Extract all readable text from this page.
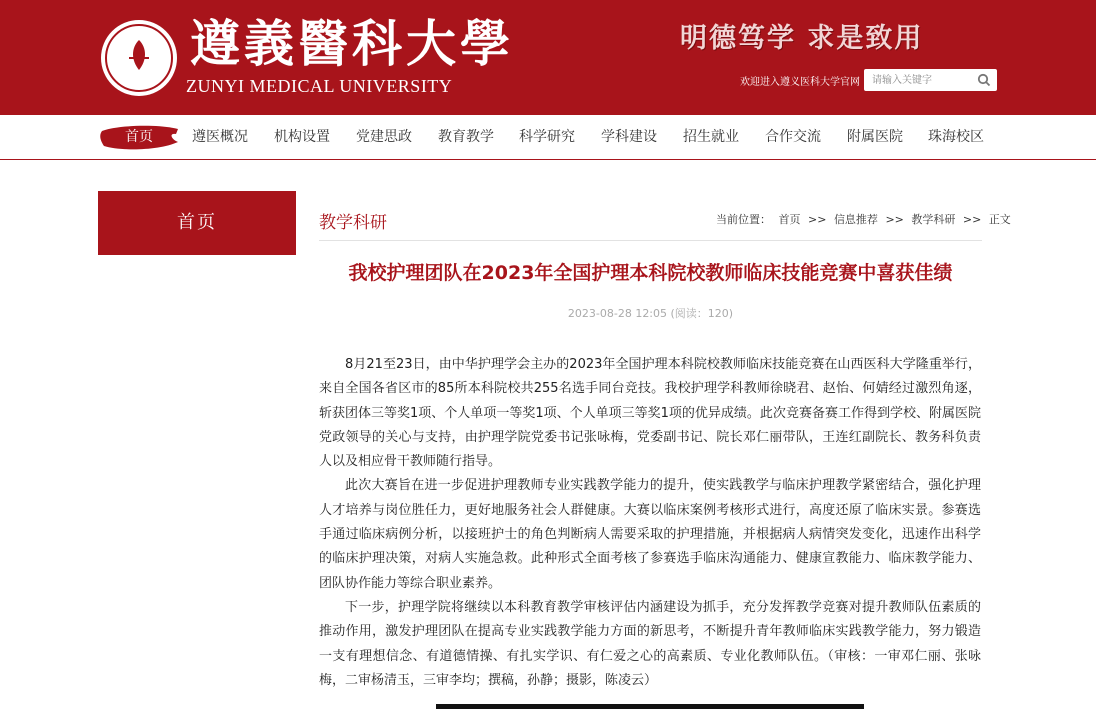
遵義醫科大學
ZUNYI MEDICAL UNIVERSITY
明德笃学 求是致用
欢迎进入遵义医科大学官网
请输入关键字
首页	遵医概况 机构设置 党建思政 教育教学 科学研究 学科建设 招生就业 合作交流 附属医院 珠海校区
首页	教学科研	当前位置： 首页 >> 信息推荐 >> 教学科研 >> 正文
我校护理团队在2023年全国护理本科院校教师临床技能竞赛中喜获佳绩
2023-08-28 12:05 (阅读：120)

8月21至23日，由中华护理学会主办的2023年全国护理本科院校教师临床技能竞赛在山西医科大学隆重举行，来自全国各省区市的85所本科院校共255名选手同台竞技。我校护理学科教师徐晓君、赵怡、何婧经过激烈角逐，斩获团体三等奖1项、个人单项一等奖1项、个人单项三等奖1项的优异成绩。此次竞赛备赛工作得到学校、附属医院党政领导的关心与支持，由护理学院党委书记张咏梅，党委副书记、院长邓仁丽带队，王连红副院长、教务科负责人以及相应骨干教师随行指导。

此次大赛旨在进一步促进护理教师专业实践教学能力的提升，使实践教学与临床护理教学紧密结合，强化护理人才培养与岗位胜任力，更好地服务社会人群健康。大赛以临床案例考核形式进行，高度还原了临床实景。参赛选手通过临床病例分析，以接班护士的角色判断病人需要采取的护理措施，并根据病人病情突发变化，迅速作出科学的临床护理决策，对病人实施急救。此种形式全面考核了参赛选手临床沟通能力、健康宣教能力、临床教学能力、团队协作能力等综合职业素养。

下一步，护理学院将继续以本科教育教学审核评估内涵建设为抓手，充分发挥教学竞赛对提升教师队伍素质的推动作用，激发护理团队在提高专业实践教学能力方面的新思考，不断提升青年教师临床实践教学能力，努力锻造一支有理想信念、有道德情操、有扎实学识、有仁爱之心的高素质、专业化教师队伍。（审核：一审邓仁丽、张咏梅，二审杨清玉，三审李均；撰稿，孙静；摄影，陈凌云）
